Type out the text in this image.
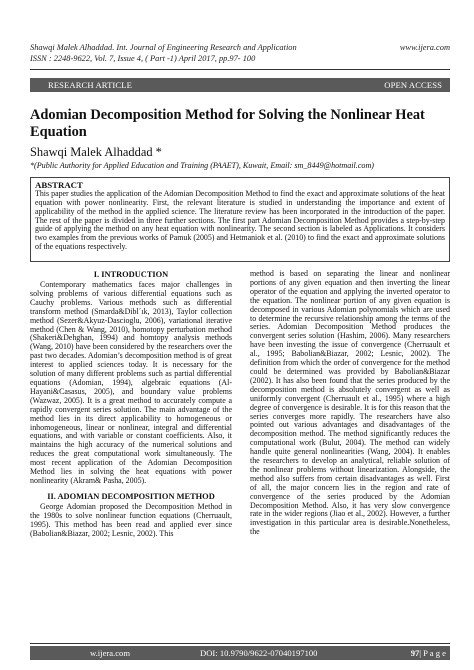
Shawqi Malek Alhaddad. Int. Journal of Engineering Research and Application	www.ijera.com
ISSN : 2248-9622, Vol. 7, Issue 4, ( Part -1) April 2017, pp.97- 100
RESEARCH ARTICLE	OPEN ACCESS
Adomian Decomposition Method for Solving the Nonlinear Heat Equation
Shawqi Malek Alhaddad *
*(Public Authority for Applied Education and Training (PAAET), Kuwait, Email: sm_8449@hotmail.com)
ABSTRACT
This paper studies the application of the Adomian Decomposition Method to find the exact and approximate solutions of the heat equation with power nonlinearity. First, the relevant literature is studied in understanding the importance and extent of applicability of the method in the applied science. The literature review has been incorporated in the introduction of the paper. The rest of the paper is divided in three further sections. The first part Adomian Decomposition Method provides a step-by-step guide of applying the method on any heat equation with nonlinearity. The second section is labeled as Applications. It considers two examples from the previous works of Pamuk (2005) and Hetmaniok et al. (2010) to find the exact and approximate solutions of the equations respectively.
I. INTRODUCTION

Contemporary mathematics faces major challenges in solving problems of various differential equations such as Cauchy problems. Various methods such as differential transform method (Smarda&Dibl´ık, 2013), Taylor collection method (Sezer&Akyuz-Dascioglu, 2006), variational iterative method (Chen & Wang, 2010), homotopy perturbation method (Shakeri&Dehghan, 1994) and homtopy analysis methods (Wang, 2010) have been considered by the researchers over the past two decades. Adomian’s decomposition method is of great interest to applied sciences today. It is necessary for the solution of many different problems such as partial differential equations (Adomian, 1994), algebraic equations (Al-Hayani&Casasus, 2005), and boundary value problems (Wazwaz, 2005). It is a great method to accurately compute a rapidly convergent series solution. The main advantage of the method lies in its direct applicability to homogeneous or inhomogeneous, linear or nonlinear, integral and differential equations, and with variable or constant coefficients. Also, it maintains the high accuracy of the numerical solutions and reduces the great computational work simultaneously. The most recent application of the Adomian Decomposition Method lies in solving the heat equations with power nonlinearity (Akram& Pasha, 2005).

II. ADOMIAN DECOMPOSITION METHOD

George Adomian proposed the Decomposition Method in the 1980s to solve nonlinear function equations (Cherruault, 1995). This method has been read and applied ever since (Babolian&Biazar, 2002; Lesnic, 2002). This

method is based on separating the linear and nonlinear portions of any given equation and then inverting the linear operator of the equation and applying the inverted operator to the equation. The nonlinear portion of any given equation is decomposed in various Adomian polynomials which are used to determine the recursive relationship among the terms of the series. Adomian Decomposition Method produces the convergent series solution (Hashim, 2006). Many researchers have been investing the issue of convergence (Cherruault et al., 1995; Babolian&Biazar, 2002; Lesnic, 2002). The definition from which the order of convergence for the method could be determined was provided by Babolian&Biazar (2002). It has also been found that the series produced by the decomposition method is absolutely convergent as well as uniformly convergent (Cherruault et al., 1995) where a high degree of convergence is desirable. It is for this reason that the series converges more rapidly. The researchers have also pointed out various advantages and disadvantages of the decomposition method. The method significantly reduces the computational work (Bulut, 2004). The method can widely handle quite general nonlinearities (Wang, 2004). It enables the researchers to develop an analytical, reliable solution of the nonlinear problems without linearization. Alongside, the method also suffers from certain disadvantages as well. First of all, the major concern lies in the region and rate of convergence of the series produced by the Adomian Decomposition Method. Also, it has very slow convergence rate in the wider regions (Jiao et al., 2002). However, a further investigation in this particular area is desirable.Nonetheless, the

w.ijera.com	DOI: 10.9790/9622-07040197100	97| P a g e
